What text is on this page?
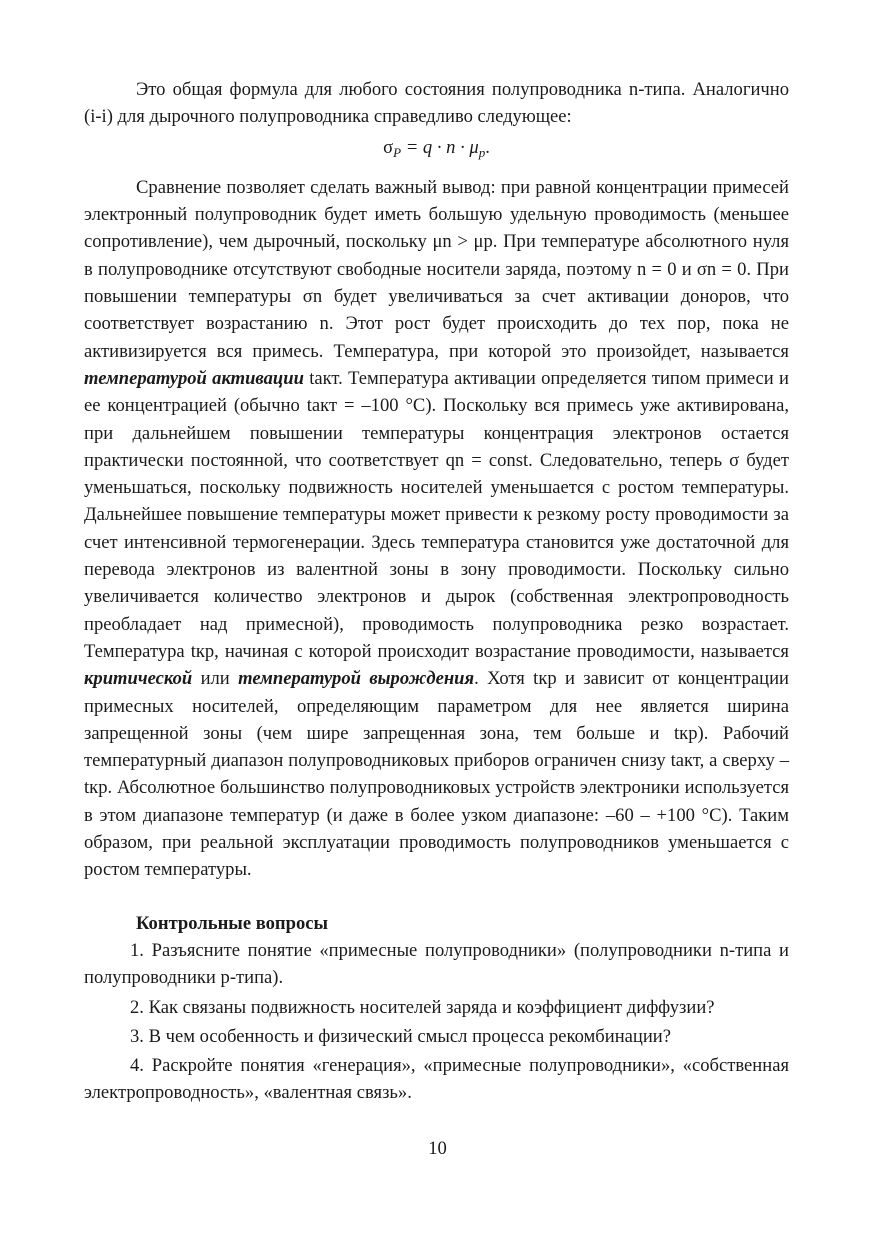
Это общая формула для любого состояния полупроводника n-типа. Аналогично (i-i) для дырочного полупроводника справедливо следующее:

$\sigma_P = q \cdot n \cdot \mu_p$.

Сравнение позволяет сделать важный вывод: при равной концентрации примесей электронный полупроводник будет иметь большую удельную проводимость (меньшее сопротивление), чем дырочный, поскольку μn > μp. При температуре абсолютного нуля в полупроводнике отсутствуют свободные носители заряда, поэтому n = 0 и σn = 0. При повышении температуры σn будет увеличиваться за счет активации доноров, что соответствует возрастанию n. Этот рост будет происходить до тех пор, пока не активизируется вся примесь. Температура, при которой это произойдет, называется температурой активации tакт. Температура активации определяется типом примеси и ее концентрацией (обычно tакт = –100 °С). Поскольку вся примесь уже активирована, при дальнейшем повышении температуры концентрация электронов остается практически постоянной, что соответствует qn = const. Следовательно, теперь σ будет уменьшаться, поскольку подвижность носителей уменьшается с ростом температуры. Дальнейшее повышение температуры может привести к резкому росту проводимости за счет интенсивной термогенерации. Здесь температура становится уже достаточной для перевода электронов из валентной зоны в зону проводимости. Поскольку сильно увеличивается количество электронов и дырок (собственная электропроводность преобладает над примесной), проводимость полупроводника резко возрастает. Температура tкр, начиная с которой происходит возрастание проводимости, называется критической или температурой вырождения. Хотя tкр и зависит от концентрации примесных носителей, определяющим параметром для нее является ширина запрещенной зоны (чем шире запрещенная зона, тем больше и tкр). Рабочий температурный диапазон полупроводниковых приборов ограничен снизу tакт, а сверху – tкр. Абсолютное большинство полупроводниковых устройств электроники используется в этом диапазоне температур (и даже в более узком диапазоне: –60 – +100 °С). Таким образом, при реальной эксплуатации проводимость полупроводников уменьшается с ростом температуры.

Контрольные вопросы

1. Разъясните понятие «примесные полупроводники» (полупроводники n-типа и полупроводники р-типа).

2. Как связаны подвижность носителей заряда и коэффициент диффузии?

3. В чем особенность и физический смысл процесса рекомбинации?

4. Раскройте понятия «генерация», «примесные полупроводники», «собственная электропроводность», «валентная связь».

10
